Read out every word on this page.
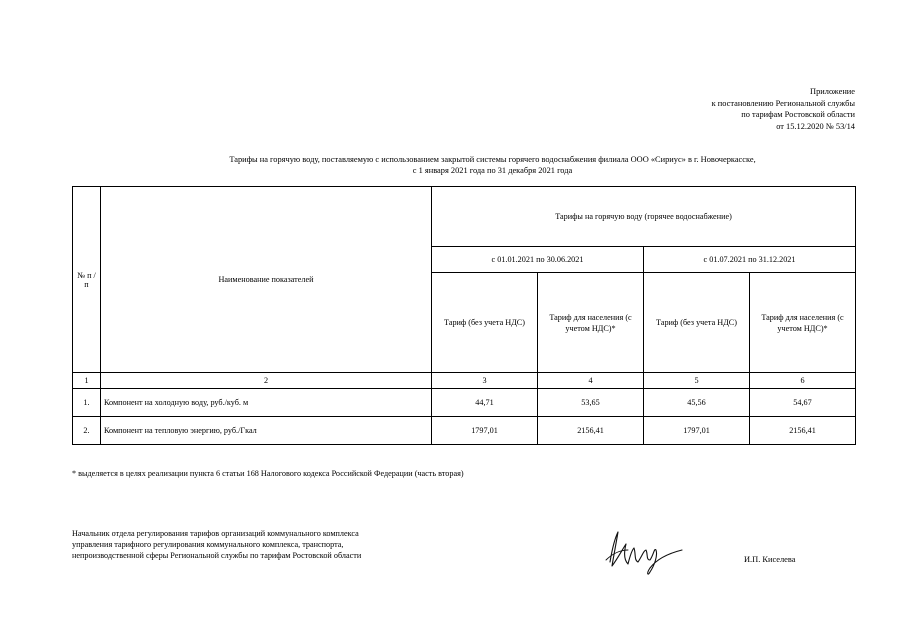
Приложение
к постановлению Региональной службы
по тарифам Ростовской области
от 15.12.2020 № 53/14
Тарифы на горячую воду, поставляемую с использованием закрытой системы горячего водоснабжения филиала ООО «Сириус» в г. Новочеркасске,
с 1 января 2021 года по 31 декабря 2021 года
№ п /п	Наименование показателей	Тарифы на горячую воду (горячее водоснабжение)			
		с 01.01.2021 по 30.06.2021		с 01.07.2021 по 31.12.2021	
		Тариф (без учета НДС)	Тариф для населения (с учетом НДС)*	Тариф (без учета НДС)	Тариф для населения (с учетом НДС)*
1	2	3	4	5	6
1.	Компонент на холодную воду, руб./куб. м	44,71	53,65	45,56	54,67
2.	Компонент на тепловую энергию, руб./Гкал	1797,01	2156,41	1797,01	2156,41
* выделяется в целях реализации пункта 6 статьи 168 Налогового кодекса Российской Федерации (часть вторая)
Начальник отдела регулирования тарифов организаций коммунального комплекса
управления тарифного регулирования коммунального комплекса, транспорта,
непроизводственной сферы Региональной службы по тарифам Ростовской области	И.П. Киселева
